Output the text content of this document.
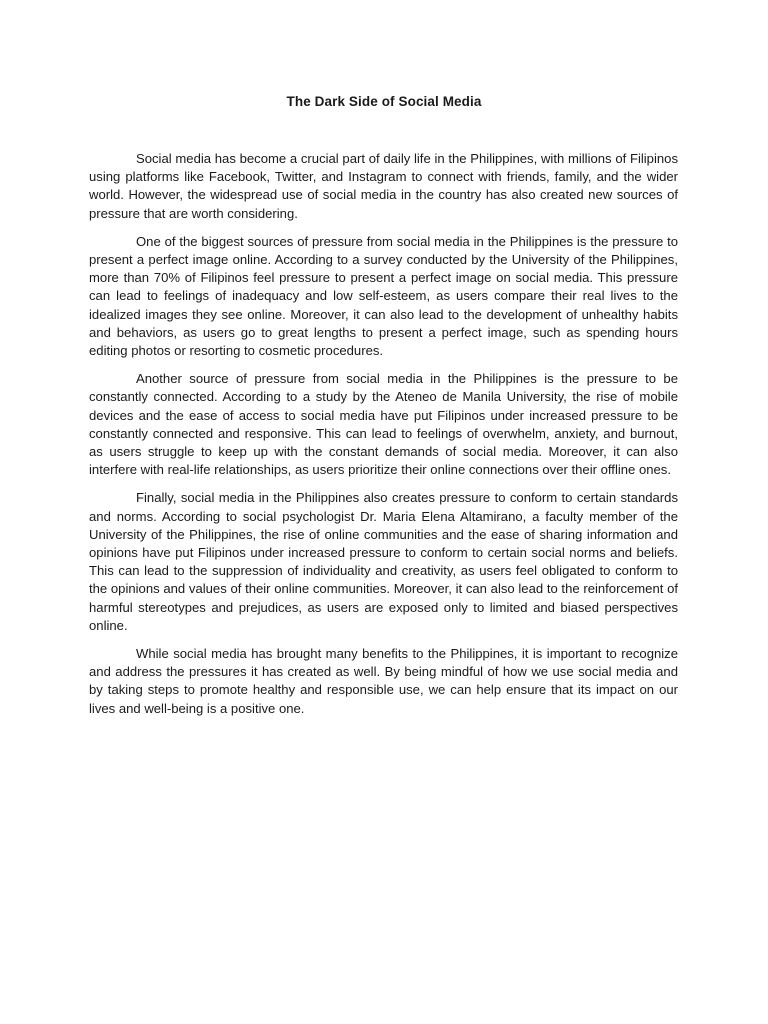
The Dark Side of Social Media

Social media has become a crucial part of daily life in the Philippines, with millions of Filipinos using platforms like Facebook, Twitter, and Instagram to connect with friends, family, and the wider world. However, the widespread use of social media in the country has also created new sources of pressure that are worth considering.

One of the biggest sources of pressure from social media in the Philippines is the pressure to present a perfect image online. According to a survey conducted by the University of the Philippines, more than 70% of Filipinos feel pressure to present a perfect image on social media. This pressure can lead to feelings of inadequacy and low self-esteem, as users compare their real lives to the idealized images they see online. Moreover, it can also lead to the development of unhealthy habits and behaviors, as users go to great lengths to present a perfect image, such as spending hours editing photos or resorting to cosmetic procedures.

Another source of pressure from social media in the Philippines is the pressure to be constantly connected. According to a study by the Ateneo de Manila University, the rise of mobile devices and the ease of access to social media have put Filipinos under increased pressure to be constantly connected and responsive. This can lead to feelings of overwhelm, anxiety, and burnout, as users struggle to keep up with the constant demands of social media. Moreover, it can also interfere with real-life relationships, as users prioritize their online connections over their offline ones.

Finally, social media in the Philippines also creates pressure to conform to certain standards and norms. According to social psychologist Dr. Maria Elena Altamirano, a faculty member of the University of the Philippines, the rise of online communities and the ease of sharing information and opinions have put Filipinos under increased pressure to conform to certain social norms and beliefs. This can lead to the suppression of individuality and creativity, as users feel obligated to conform to the opinions and values of their online communities. Moreover, it can also lead to the reinforcement of harmful stereotypes and prejudices, as users are exposed only to limited and biased perspectives online.

While social media has brought many benefits to the Philippines, it is important to recognize and address the pressures it has created as well. By being mindful of how we use social media and by taking steps to promote healthy and responsible use, we can help ensure that its impact on our lives and well-being is a positive one.
